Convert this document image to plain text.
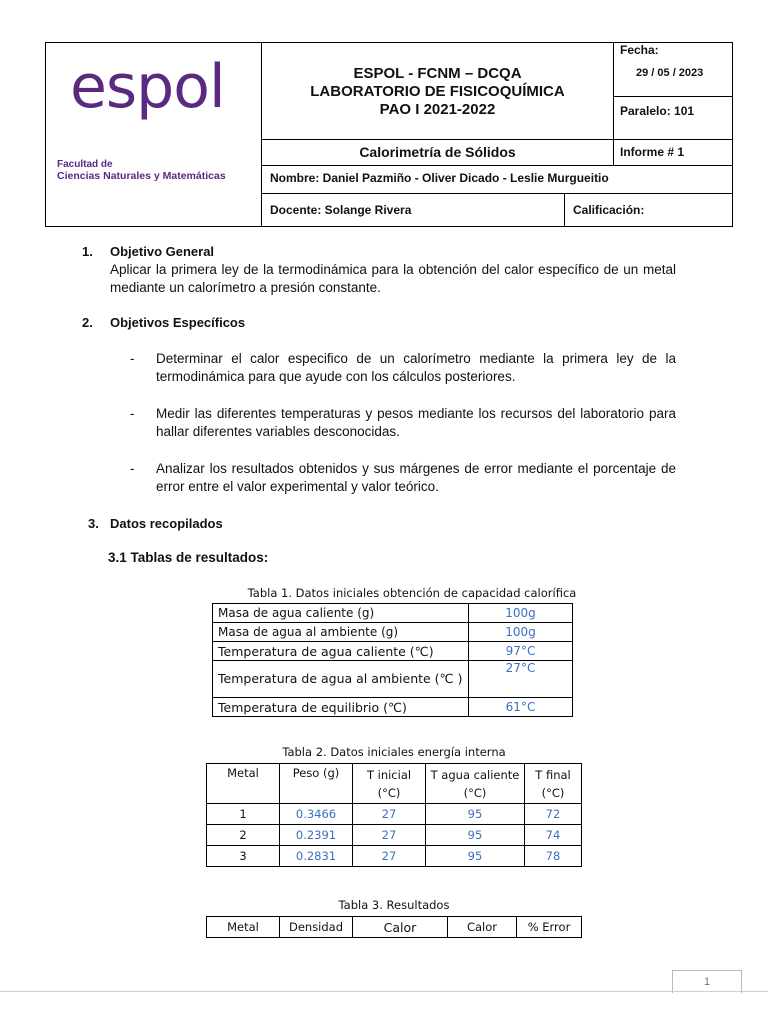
espol
Facultad de
Ciencias Naturales y Matemáticas
ESPOL - FCNM – DCQA
LABORATORIO DE FISICOQUÍMICA
PAO I 2021-2022
Fecha:
29 / 05 / 2023
Paralelo: 101
Calorimetría de Sólidos	Informe # 1
Nombre: Daniel Pazmiño - Oliver Dicado - Leslie Murgueitio
Docente: Solange Rivera	Calificación:
1. Objetivo General
Aplicar la primera ley de la termodinámica para la obtención del calor específico de un metal mediante un calorímetro a presión constante.
2. Objetivos Específicos
- Determinar el calor especifico de un calorímetro mediante la primera ley de la termodinámica para que ayude con los cálculos posteriores.
- Medir las diferentes temperaturas y pesos mediante los recursos del laboratorio para hallar diferentes variables desconocidas.
- Analizar los resultados obtenidos y sus márgenes de error mediante el porcentaje de error entre el valor experimental y valor teórico.
3. Datos recopilados
3.1 Tablas de resultados:
Tabla 1. Datos iniciales obtención de capacidad calorífica
Masa de agua caliente (g)	100g
Masa de agua al ambiente (g)	100g
Temperatura de agua caliente (℃)	97°C
Temperatura de agua al ambiente (℃ )	27°C
Temperatura de equilibrio (℃)	61°C
Tabla 2. Datos iniciales energía interna
Metal	Peso (g)	T inicial (°C)	T agua caliente (°C)	T final (°C)
1	0.3466	27	95	72
2	0.2391	27	95	74
3	0.2831	27	95	78
Tabla 3. Resultados
Metal	Densidad	Calor	Calor	% Error
1
